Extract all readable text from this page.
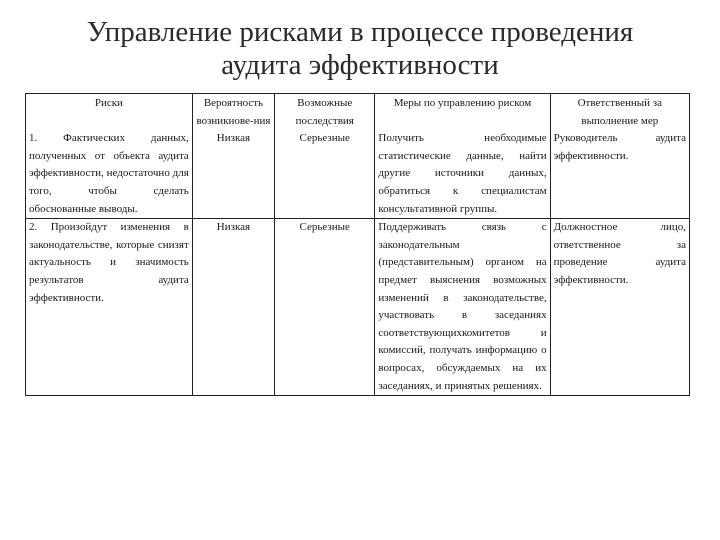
Управление рисками в процессе проведения
аудита эффективности
Риски	Вероятность возникнове-ния	Возможные последствия	Меры по управлению риском	Ответственный за выполнение мер
1. Фактических данных, полученных от объекта аудита эффективности, недостаточно для того, чтобы сделать обоснованные выводы.	Низкая	Серьезные	Получить необходимые статистические данные, найти другие источники данных, обратиться к специалистам консультативной группы.	Руководитель аудита эффективности.
2. Произойдут изменения в законодательстве, которые снизят актуальность и значимость результатов аудита эффективности.	Низкая	Серьезные	Поддерживать связь с законодательным (представительным) органом на предмет выяснения возможных изменений в законодательстве, участвовать в заседаниях соответствующихкомитетов и комиссий, получать информацию о вопросах, обсуждаемых на их заседаниях, и принятых решениях.	Должностное лицо, ответственное за проведение аудита эффективности.
